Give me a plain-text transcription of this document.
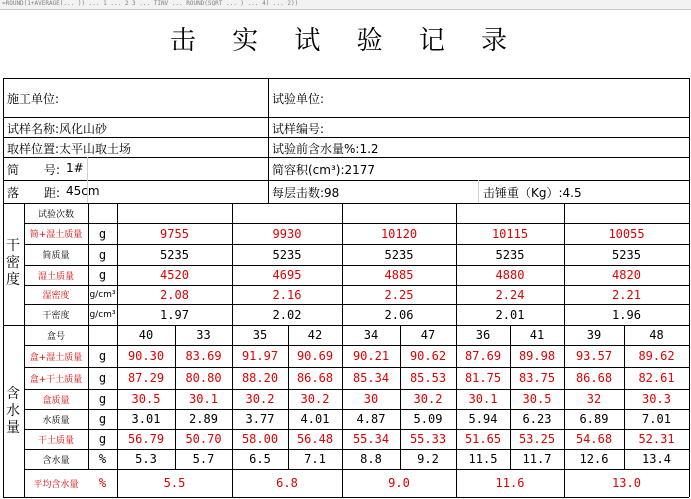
=ROUND(1+AVERAGE(... )) ... 1 ... 2 3 ... TINV ... ROUND(SQRT ... ) ... 4) ... 2))
击 实 试 验 记 录
施工单位:	试验单位:
试样名称:风化山砂	试样编号:
取样位置:太平山取土场	试验前含水量%:1.2
简 号: 1#	简容积(cm³):2177
落 距: 45cm	每层击数:98	击锤重（Kg）:4.5
干
密
度
试验次数
简+湿土质量	g	9755	9930	10120	10115	10055
简质量	g	5235	5235	5235	5235	5235
湿土质量	g	4520	4695	4885	4880	4820
湿密度	g/cm³	2.08	2.16	2.25	2.24	2.21
干密度	g/cm³	1.97	2.02	2.06	2.01	1.96
含
水
量
盒号	40	33	35	42	34	47	36	41	39	48
盒+湿土质量	g	90.30	83.69	91.97	90.69	90.21	90.62	87.69	89.98	93.57	89.62
盒+干土质量	g	87.29	80.80	88.20	86.68	85.34	85.53	81.75	83.75	86.68	82.61
盒质量	g	30.5	30.1	30.2	30.2	30	30.2	30.1	30.5	32	30.3
水质量	g	3.01	2.89	3.77	4.01	4.87	5.09	5.94	6.23	6.89	7.01
干土质量	g	56.79	50.70	58.00	56.48	55.34	55.33	51.65	53.25	54.68	52.31
含水量	%	5.3	5.7	6.5	7.1	8.8	9.2	11.5	11.7	12.6	13.4
平均含水量	%	5.5	6.8	9.0	11.6	13.0
